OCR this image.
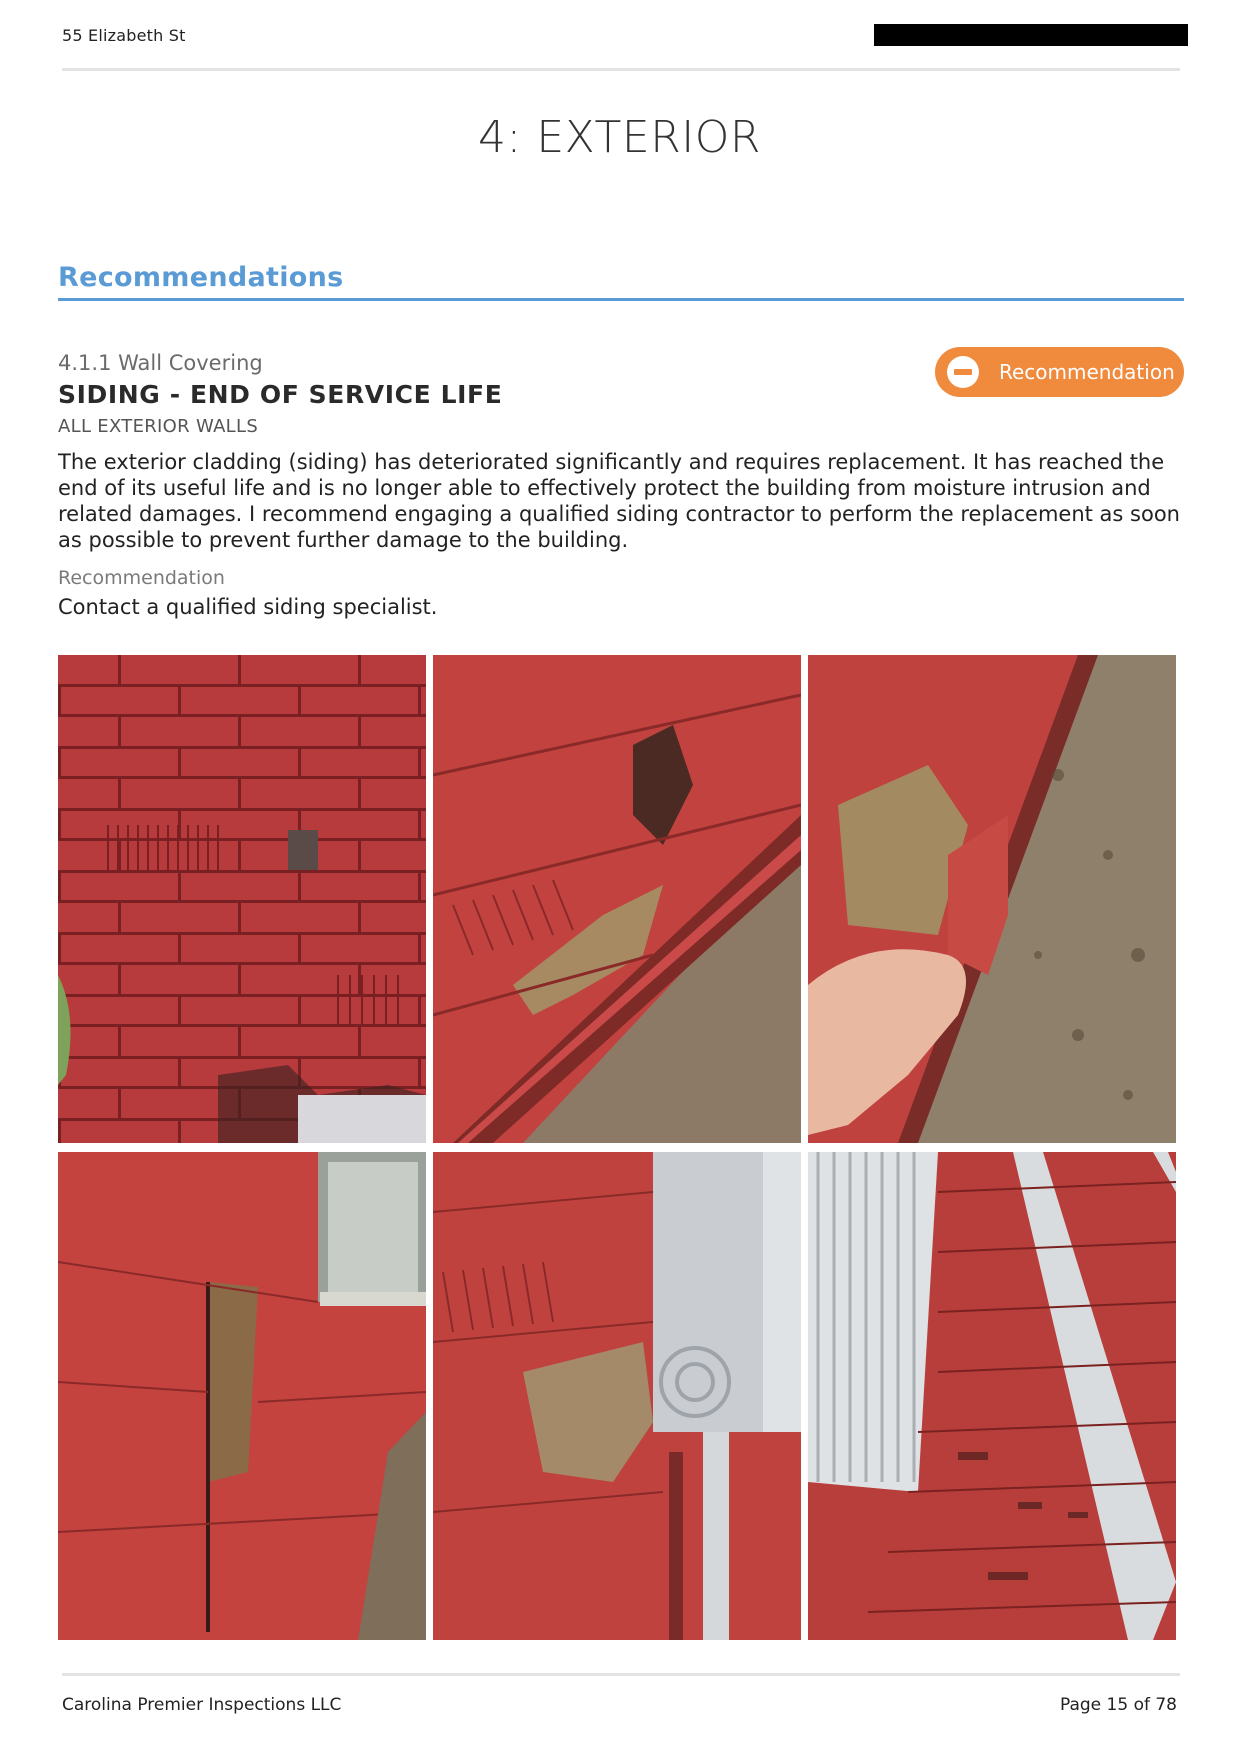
55 Elizabeth St
4: EXTERIOR
Recommendations
4.1.1 Wall Covering
SIDING - END OF SERVICE LIFE
ALL EXTERIOR WALLS
Recommendation
The exterior cladding (siding) has deteriorated significantly and requires replacement. It has reached the end of its useful life and is no longer able to effectively protect the building from moisture intrusion and related damages. I recommend engaging a qualified siding contractor to perform the replacement as soon as possible to prevent further damage to the building.
Recommendation
Contact a qualified siding specialist.
Carolina Premier Inspections LLC	Page 15 of 78
